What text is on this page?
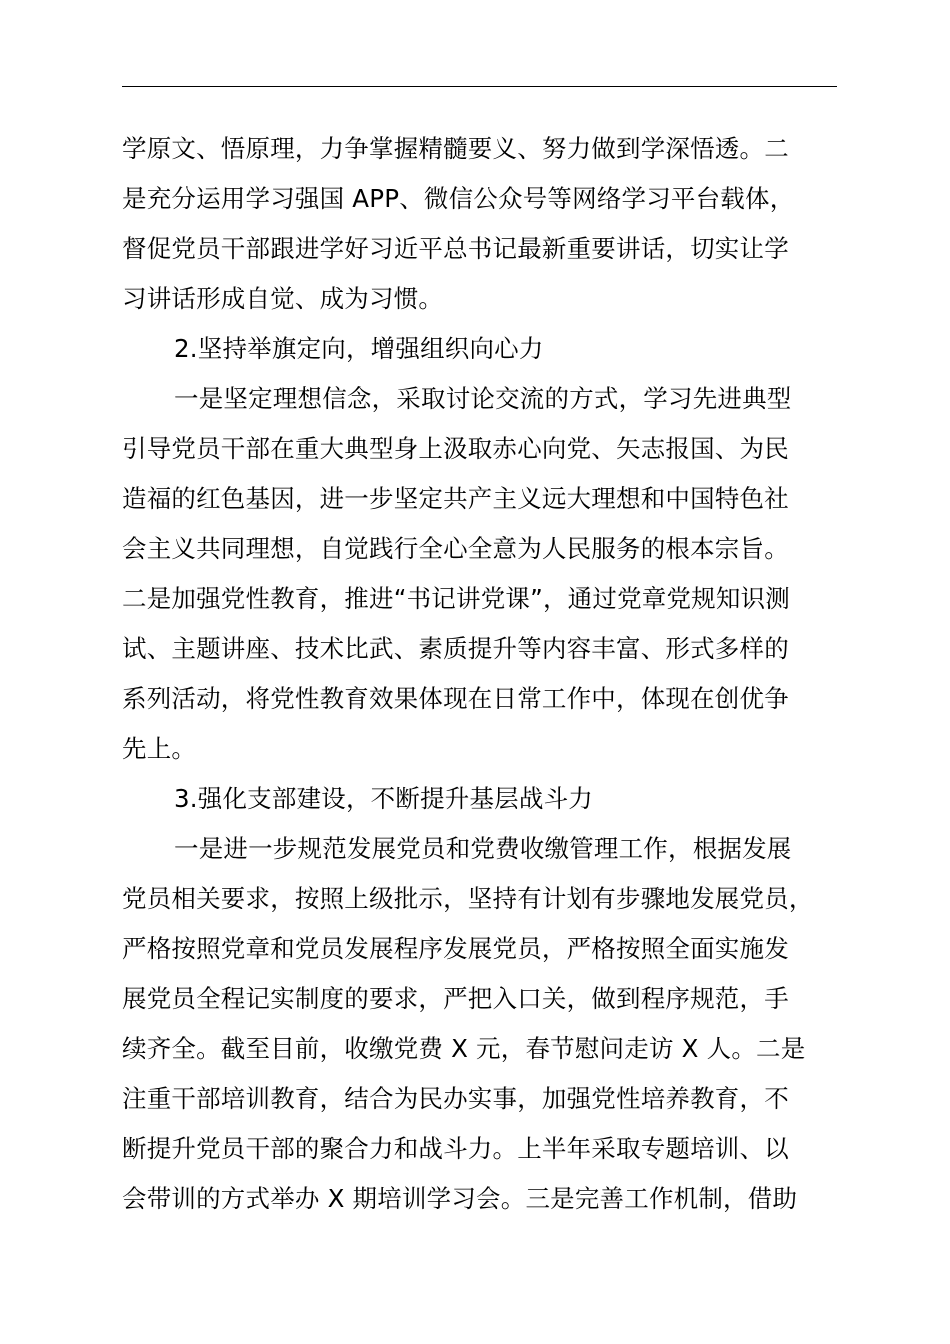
学原文、悟原理，力争掌握精髓要义、努力做到学深悟透。二
是充分运用学习强国 APP、微信公众号等网络学习平台载体，
督促党员干部跟进学好习近平总书记最新重要讲话，切实让学
习讲话形成自觉、成为习惯。
2.坚持举旗定向，增强组织向心力
一是坚定理想信念，采取讨论交流的方式，学习先进典型
引导党员干部在重大典型身上汲取赤心向党、矢志报国、为民
造福的红色基因，进一步坚定共产主义远大理想和中国特色社
会主义共同理想，自觉践行全心全意为人民服务的根本宗旨。
二是加强党性教育，推进“书记讲党课”，通过党章党规知识测
试、主题讲座、技术比武、素质提升等内容丰富、形式多样的
系列活动，将党性教育效果体现在日常工作中，体现在创优争
先上。
3.强化支部建设，不断提升基层战斗力
一是进一步规范发展党员和党费收缴管理工作，根据发展
党员相关要求，按照上级批示，坚持有计划有步骤地发展党员，
严格按照党章和党员发展程序发展党员，严格按照全面实施发
展党员全程记实制度的要求，严把入口关，做到程序规范，手
续齐全。截至目前，收缴党费 X 元，春节慰问走访 X 人。二是
注重干部培训教育，结合为民办实事，加强党性培养教育，不
断提升党员干部的聚合力和战斗力。上半年采取专题培训、以
会带训的方式举办 X 期培训学习会。三是完善工作机制，借助
